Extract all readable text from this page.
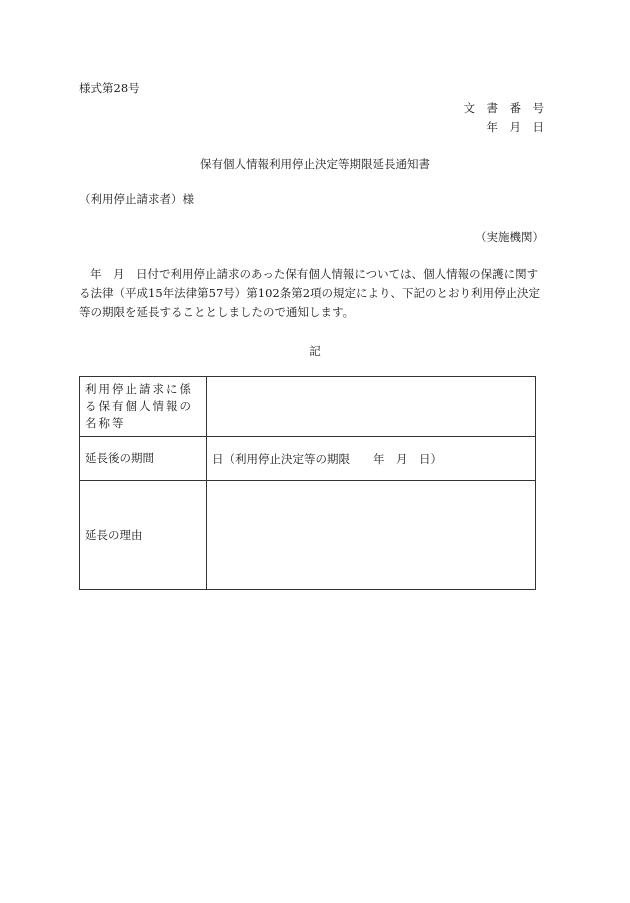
様式第28号
文　書　番　号
年　月　日
保有個人情報利用停止決定等期限延長通知書
（利用停止請求者）様
（実施機関）

年　月　日付で利用停止請求のあった保有個人情報については、個人情報の保護に関する法律（平成15年法律第57号）第102条第2項の規定により、下記のとおり利用停止決定等の期限を延長することとしましたので通知します。

記
利用停止請求に係る保有個人情報の名称等	
延長後の期間	日（利用停止決定等の期限　　年　月　日）
延長の理由	
